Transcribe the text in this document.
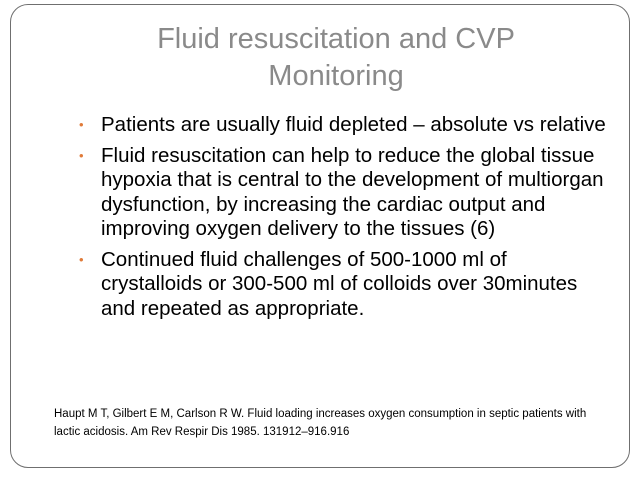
Fluid resuscitation and CVP
Monitoring
• Patients are usually fluid depleted – absolute vs relative
• Fluid resuscitation can help to reduce the global tissue hypoxia that is central to the development of multiorgan dysfunction, by increasing the cardiac output and improving oxygen delivery to the tissues (6)
• Continued fluid challenges of 500-1000 ml of crystalloids or 300-500 ml of colloids over 30minutes and repeated as appropriate.
Haupt M T, Gilbert E M, Carlson R W. Fluid loading increases oxygen consumption in septic patients with lactic acidosis. Am Rev Respir Dis 1985. 131912–916.916
